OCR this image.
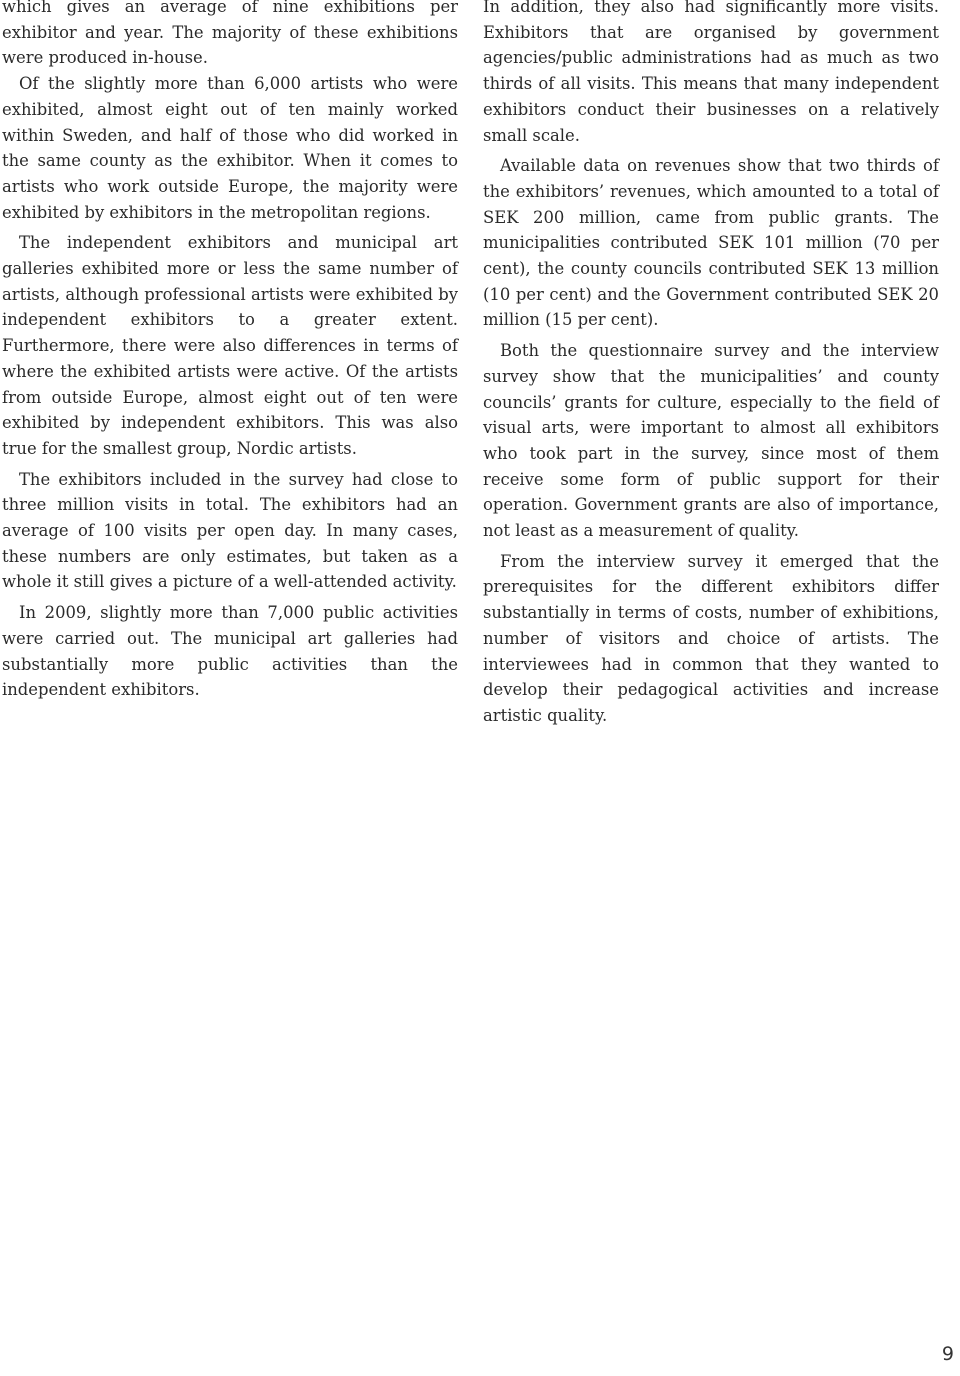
which gives an average of nine exhibitions per exhibitor and year. The majority of these exhibitions were produced in-house.

Of the slightly more than 6,000 artists who were exhibited, almost eight out of ten mainly worked within Sweden, and half of those who did worked in the same county as the exhibitor. When it comes to artists who work outside Europe, the majority were exhibited by exhibitors in the metropolitan regions.

The independent exhibitors and municipal art galleries exhibited more or less the same number of artists, although professional artists were exhibited by independent exhibitors to a greater extent. Furthermore, there were also differences in terms of where the exhibited artists were active. Of the artists from outside Europe, almost eight out of ten were exhibited by independent exhibitors. This was also true for the smallest group, Nordic artists.

The exhibitors included in the survey had close to three million visits in total. The exhibitors had an average of 100 visits per open day. In many cases, these numbers are only estimates, but taken as a whole it still gives a picture of a well-attended activity.

In 2009, slightly more than 7,000 public activities were carried out. The municipal art galleries had substantially more public activities than the independent exhibitors.

In addition, they also had significantly more visits. Exhibitors that are organised by government agencies/public administrations had as much as two thirds of all visits. This means that many independent exhibitors conduct their businesses on a relatively small scale.

Available data on revenues show that two thirds of the exhibitors’ revenues, which amounted to a total of SEK 200 million, came from public grants. The municipalities contributed SEK 101 million (70 per cent), the county councils contributed SEK 13 million (10 per cent) and the Government contributed SEK 20 million (15 per cent).

Both the questionnaire survey and the interview survey show that the municipalities’ and county councils’ grants for culture, especially to the field of visual arts, were important to almost all exhibitors who took part in the survey, since most of them receive some form of public support for their operation. Government grants are also of importance, not least as a measurement of quality.

From the interview survey it emerged that the prerequisites for the different exhibitors differ substantially in terms of costs, number of exhibitions, number of visitors and choice of artists. The interviewees had in common that they wanted to develop their pedagogical activities and increase artistic quality.

9
